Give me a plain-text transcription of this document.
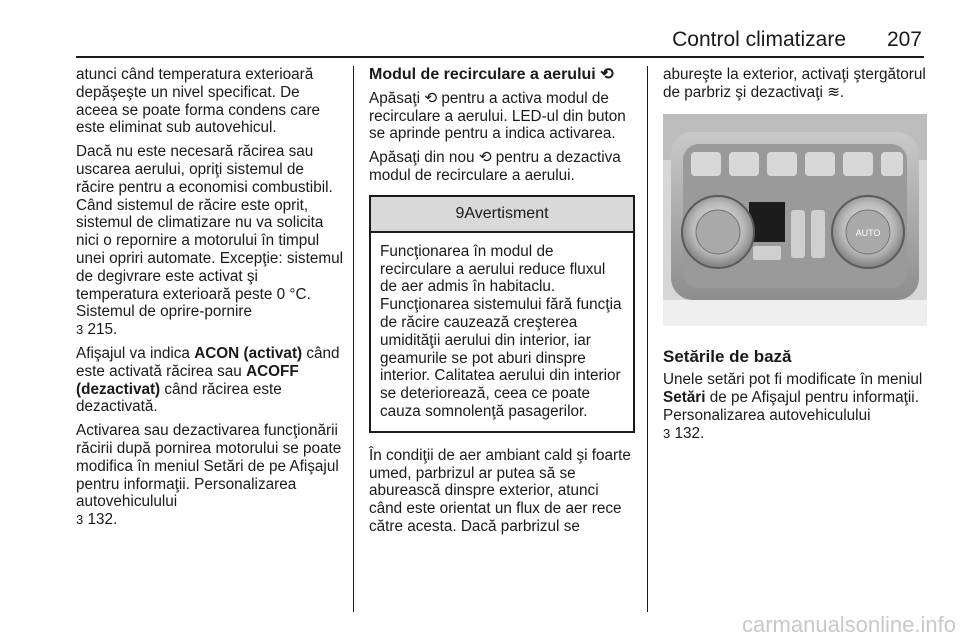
Control climatizare 207

atunci când temperatura exterioară depăşeşte un nivel specificat. De aceea se poate forma condens care este eliminat sub autovehicul.

Dacă nu este necesară răcirea sau uscarea aerului, opriţi sistemul de răcire pentru a economisi combustibil. Când sistemul de răcire este oprit, sistemul de climatizare nu va solicita nici o repornire a motorului în timpul unei opriri automate. Excepţie: sistemul de degivrare este activat şi temperatura exterioară peste 0 °C. Sistemul de oprire-pornire
3 215.

Afişajul va indica ACON (activat) când este activată răcirea sau ACOFF (dezactivat) când răcirea este dezactivată.

Activarea sau dezactivarea funcţionării răcirii după pornirea motorului se poate modifica în meniul Setări de pe Afişajul pentru informaţii. Personalizarea autovehiculului
3 132.

Modul de recirculare a aerului ⟲

Apăsaţi ⟲ pentru a activa modul de recirculare a aerului. LED-ul din buton se aprinde pentru a indica activarea.

Apăsaţi din nou ⟲ pentru a dezactiva modul de recirculare a aerului.

9 Avertisment
Funcţionarea în modul de recirculare a aerului reduce fluxul de aer admis în habitaclu. Funcţionarea sistemului fără funcţia de răcire cauzează creşterea umidităţii aerului din interior, iar geamurile se pot aburi dinspre interior. Calitatea aerului din interior se deteriorează, ceea ce poate cauza somnolenţă pasagerilor.

În condiţii de aer ambiant cald şi foarte umed, parbrizul ar putea să se aburească dinspre exterior, atunci când este orientat un flux de aer rece către acesta. Dacă parbrizul se

abureşte la exterior, activaţi ştergătorul de parbriz şi dezactivaţi ≋.

AUTO
Setările de bază

Unele setări pot fi modificate în meniul Setări de pe Afişajul pentru informaţii. Personalizarea autovehiculului
3 132.

carmanualsonline.info
